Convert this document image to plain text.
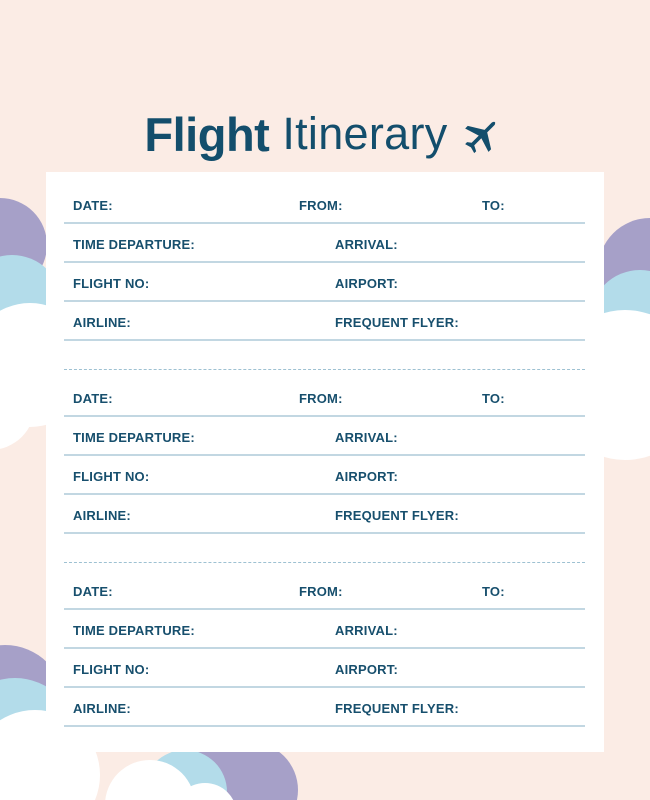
Flight Itinerary
DATE:	FROM:	TO:
TIME DEPARTURE:	ARRIVAL:
FLIGHT NO:	AIRPORT:
AIRLINE:	FREQUENT FLYER:
DATE:	FROM:	TO:
TIME DEPARTURE:	ARRIVAL:
FLIGHT NO:	AIRPORT:
AIRLINE:	FREQUENT FLYER:
DATE:	FROM:	TO:
TIME DEPARTURE:	ARRIVAL:
FLIGHT NO:	AIRPORT:
AIRLINE:	FREQUENT FLYER:
